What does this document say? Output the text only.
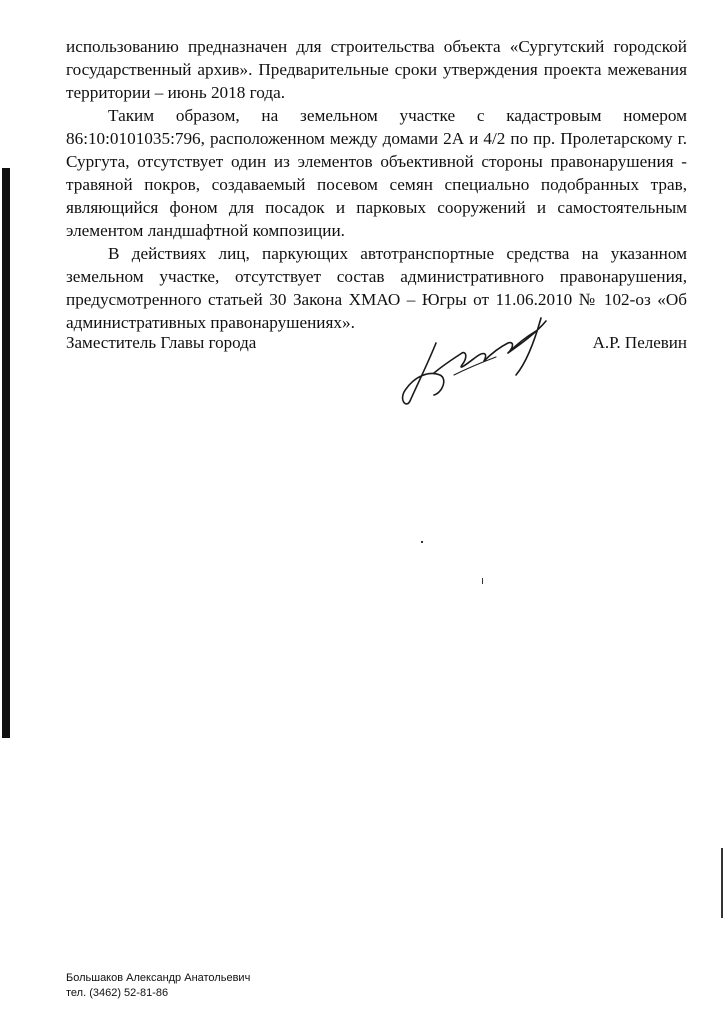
использованию предназначен для строительства объекта «Сургутский городской государственный архив». Предварительные сроки утверждения проекта межевания территории – июнь 2018 года.

Таким образом, на земельном участке с кадастровым номером 86:10:0101035:796, расположенном между домами 2А и 4/2 по пр. Пролетарскому г. Сургута, отсутствует один из элементов объективной стороны правонарушения - травяной покров, создаваемый посевом семян специально подобранных трав, являющийся фоном для посадок и парковых сооружений и самостоятельным элементом ландшафтной композиции.

В действиях лиц, паркующих автотранспортные средства на указанном земельном участке, отсутствует состав административного правонарушения, предусмотренного статьей 30 Закона ХМАО – Югры от 11.06.2010 № 102-оз «Об административных правонарушениях».

Заместитель Главы города	А.Р. Пелевин
Большаков Александр Анатольевич
тел. (3462) 52-81-86
